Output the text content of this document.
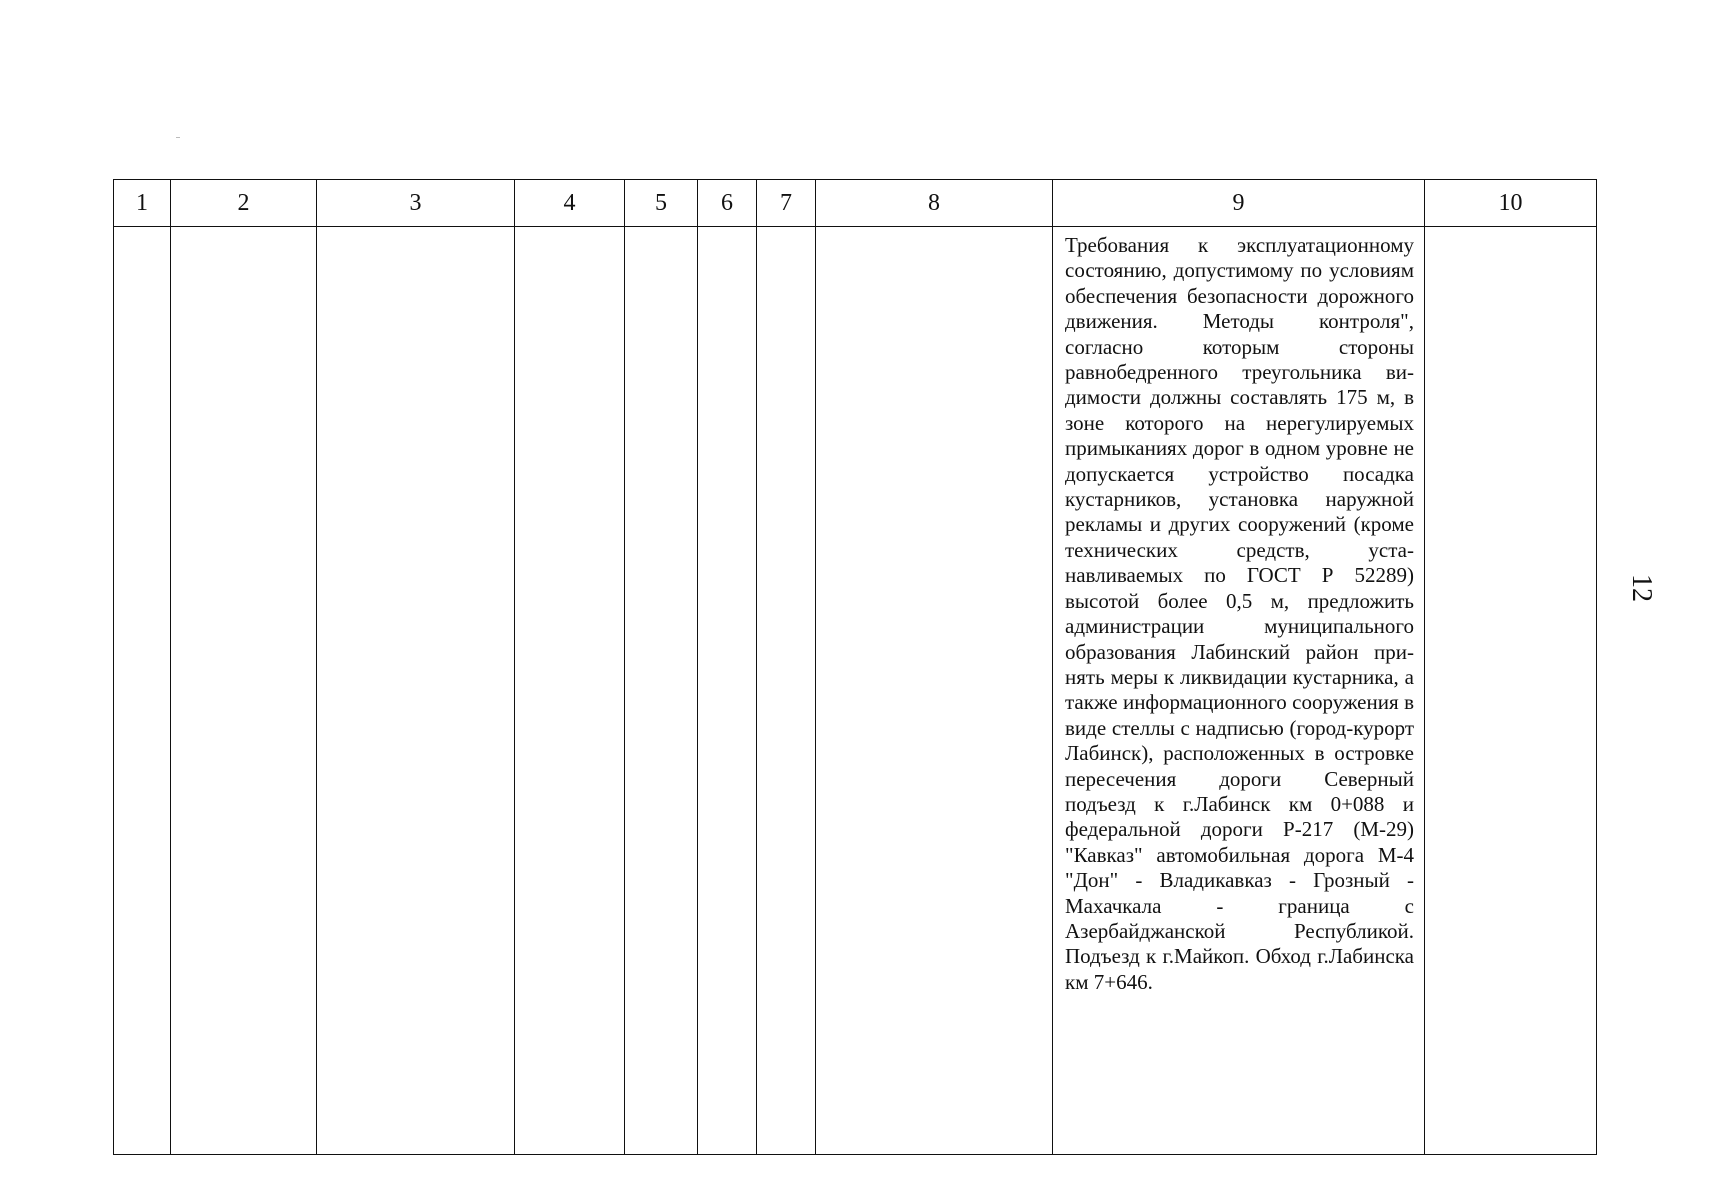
1	2	3	4	5	6	7	8	9	10
								Требования к эксплуатационному состоянию, допустимому по условиям обеспечения безопасности дорожного движения. Методы контроля", согласно которым стороны равнобедренного треугольника видимости должны составлять 175 м, в зоне которого на нерегулируемых примыканиях дорог в одном уровне не допускается устройство посадка кустарников, установка наружной рекламы и других сооружений (кроме технических средств, устанавливаемых по ГОСТ Р 52289) высотой более 0,5 м, предложить администрации муниципального образования Лабинский район принять меры к ликвидации кустарника, а также информационного сооружения в виде стеллы с надписью (город-курорт Лабинск), расположенных в островке пересечения дороги Северный подъезд к г.Лабинск км 0+088 и федеральной дороги Р-217 (М-29) "Кавказ" автомобильная дорога М-4 "Дон" - Владикавказ - Грозный - Махачкала - граница с Азербайджанской Республикой. Подъезд к г.Майкоп. Обход г.Лабинска км 7+646.	
12
